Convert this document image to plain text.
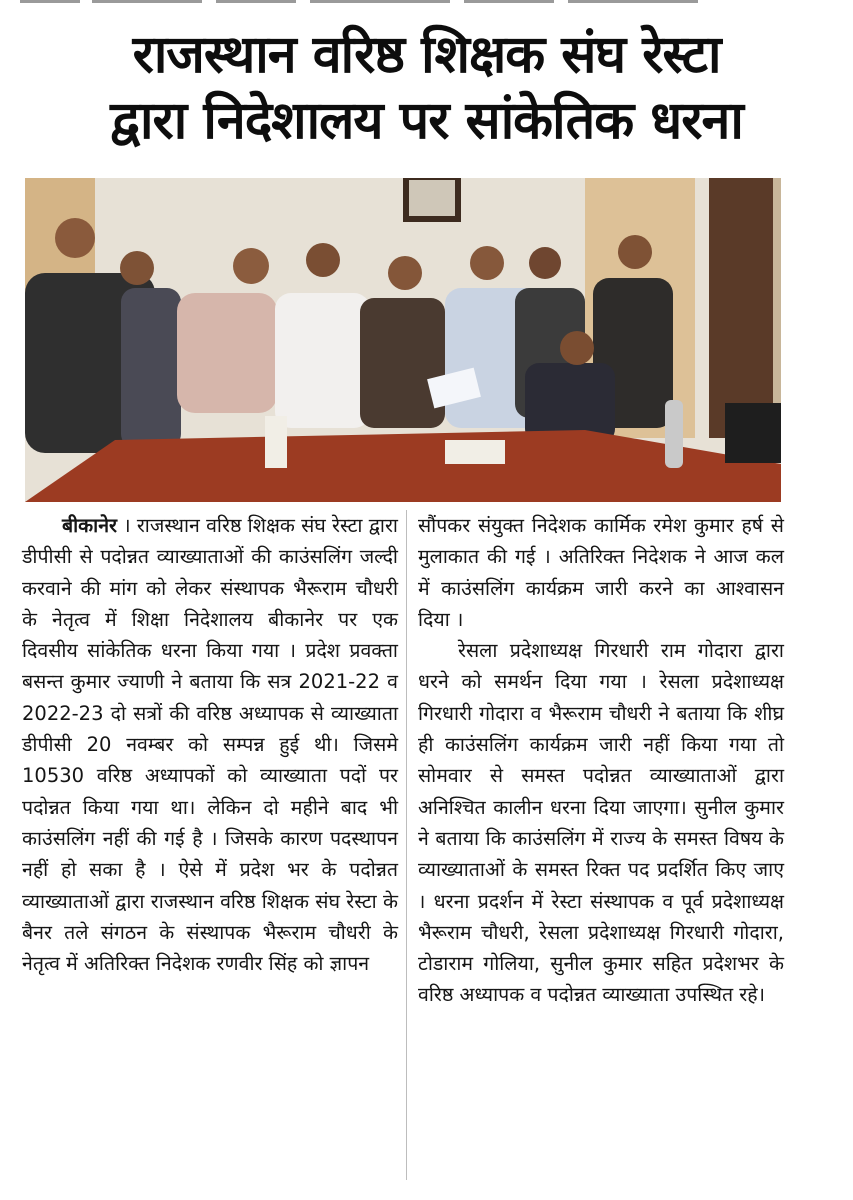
राजस्थान वरिष्ठ शिक्षक संघ रेस्टा
द्वारा निदेशालय पर सांकेतिक धरना

बीकानेर । राजस्थान वरिष्ठ शिक्षक संघ रेस्टा द्वारा डीपीसी से पदोन्नत व्याख्याताओं की काउंसलिंग जल्दी करवाने की मांग को लेकर संस्थापक भैरूराम चौधरी के नेतृत्व में शिक्षा निदेशालय बीकानेर पर एक दिवसीय सांकेतिक धरना किया गया । प्रदेश प्रवक्ता बसन्त कुमार ज्याणी ने बताया कि सत्र 2021-22 व 2022-23 दो सत्रों की वरिष्ठ अध्यापक से व्याख्याता डीपीसी 20 नवम्बर को सम्पन्न हुई थी। जिसमे 10530 वरिष्ठ अध्यापकों को व्याख्याता पदों पर पदोन्नत किया गया था। लेकिन दो महीने बाद भी काउंसलिंग नहीं की गई है । जिसके कारण पदस्थापन नहीं हो सका है । ऐसे में प्रदेश भर के पदोन्नत व्याख्याताओं द्वारा राजस्थान वरिष्ठ शिक्षक संघ रेस्टा के बैनर तले संगठन के संस्थापक भैरूराम चौधरी के नेतृत्व में अतिरिक्त निदेशक रणवीर सिंह को ज्ञापन

सौंपकर संयुक्त निदेशक कार्मिक रमेश कुमार हर्ष से मुलाकात की गई । अतिरिक्त निदेशक ने आज कल में काउंसलिंग कार्यक्रम जारी करने का आश्वासन दिया ।

रेसला प्रदेशाध्यक्ष गिरधारी राम गोदारा द्वारा धरने को समर्थन दिया गया । रेसला प्रदेशाध्यक्ष गिरधारी गोदारा व भैरूराम चौधरी ने बताया कि शीघ्र ही काउंसलिंग कार्यक्रम जारी नहीं किया गया तो सोमवार से समस्त पदोन्नत व्याख्याताओं द्वारा अनिश्चित कालीन धरना दिया जाएगा। सुनील कुमार ने बताया कि काउंसलिंग में राज्य के समस्त विषय के व्याख्याताओं के समस्त रिक्त पद प्रदर्शित किए जाए । धरना प्रदर्शन में रेस्टा संस्थापक व पूर्व प्रदेशाध्यक्ष भैरूराम चौधरी, रेसला प्रदेशाध्यक्ष गिरधारी गोदारा, टोडाराम गोलिया, सुनील कुमार सहित प्रदेशभर के वरिष्ठ अध्यापक व पदोन्नत व्याख्याता उपस्थित रहे।
